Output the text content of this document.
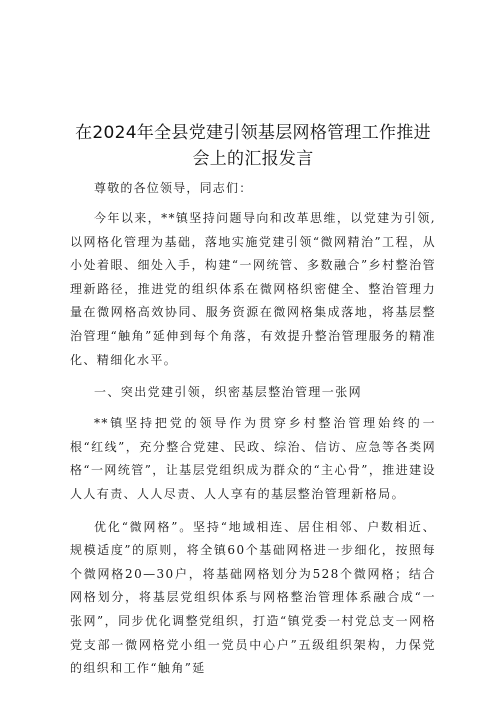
在2024年全县党建引领基层网格管理工作推进
会上的汇报发言

尊敬的各位领导，同志们：

今年以来，**镇坚持问题导向和改革思维，以党建为引领,以网格化管理为基础，落地实施党建引领“微网精治”工程，从小处着眼、细处入手，构建“一网统管、多数融合”乡村整治管理新路径，推进党的组织体系在微网格织密健全、整治管理力量在微网格高效协同、服务资源在微网格集成落地，将基层整治管理“触角”延伸到每个角落，有效提升整治管理服务的精准化、精细化水平。

一、突出党建引领，织密基层整治管理一张网

**镇坚持把党的领导作为贯穿乡村整治管理始终的一根“红线”，充分整合党建、民政、综治、信访、应急等各类网格“一网统管”，让基层党组织成为群众的“主心骨”，推进建设人人有责、人人尽责、人人享有的基层整治管理新格局。

优化“微网格”。坚持“地域相连、居住相邻、户数相近、规模适度”的原则，将全镇60个基础网格进一步细化，按照每个微网格20—30户，将基础网格划分为528个微网格；结合网格划分，将基层党组织体系与网格整治管理体系融合成“一张网”，同步优化调整党组织，打造“镇党委一村党总支一网格党支部一微网格党小组一党员中心户”五级组织架构，力保党的组织和工作“触角”延
